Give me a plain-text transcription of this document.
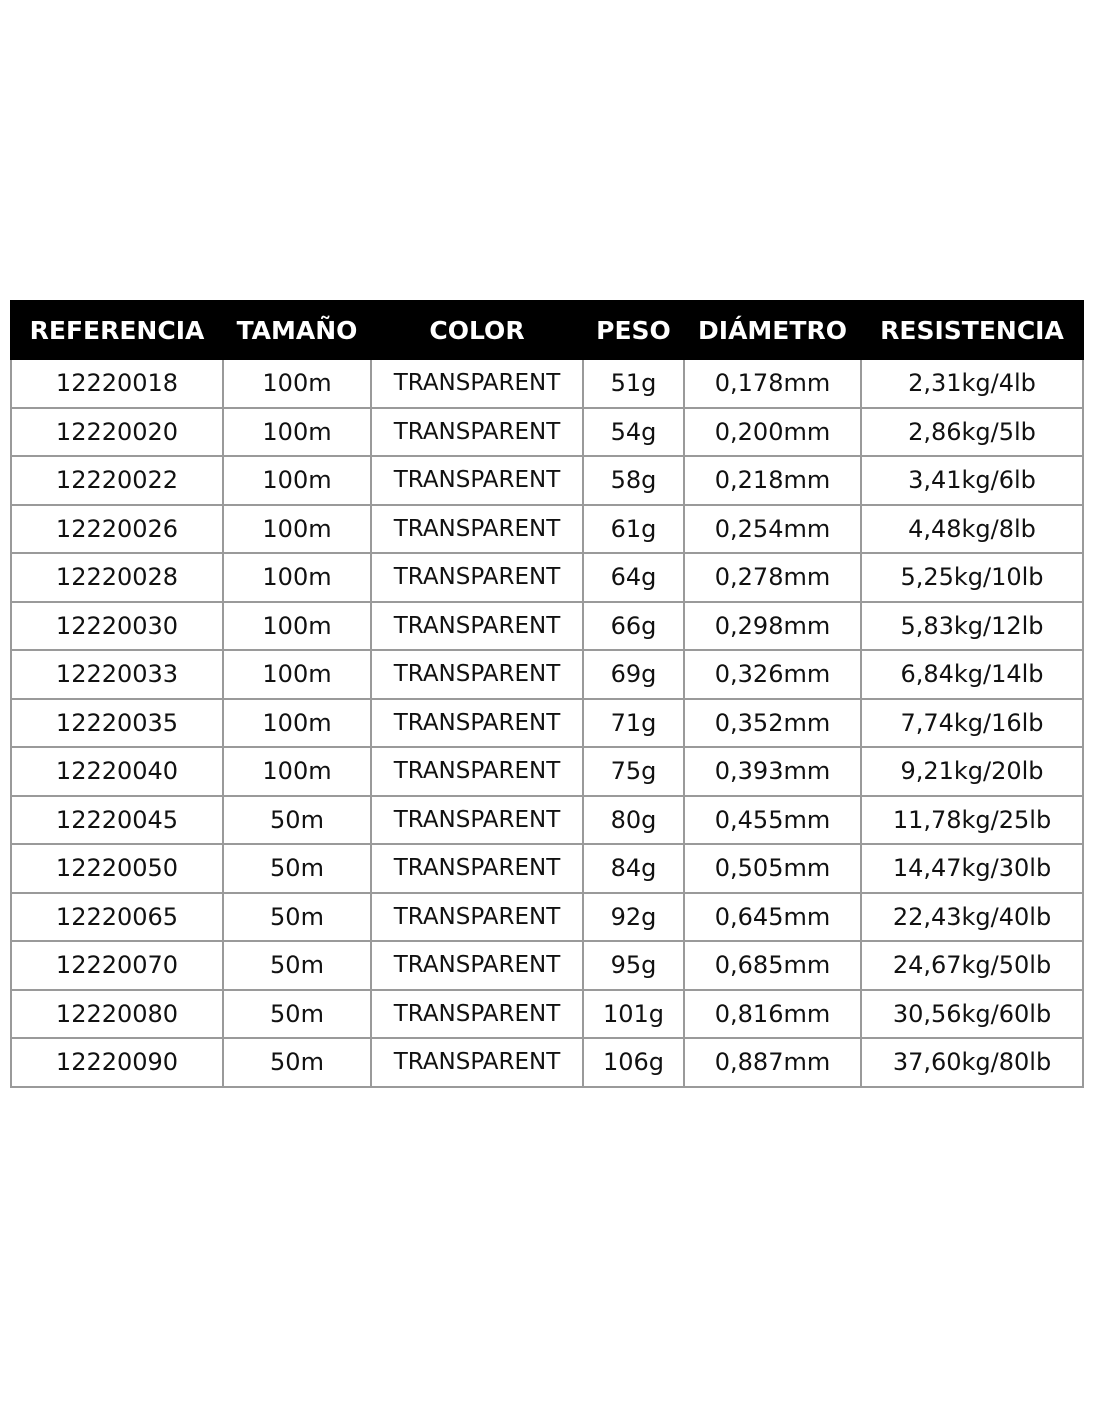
REFERENCIA	TAMAÑO	COLOR	PESO	DIÁMETRO	RESISTENCIA
12220018	100m	TRANSPARENT	51g	0,178mm	2,31kg/4lb
12220020	100m	TRANSPARENT	54g	0,200mm	2,86kg/5lb
12220022	100m	TRANSPARENT	58g	0,218mm	3,41kg/6lb
12220026	100m	TRANSPARENT	61g	0,254mm	4,48kg/8lb
12220028	100m	TRANSPARENT	64g	0,278mm	5,25kg/10lb
12220030	100m	TRANSPARENT	66g	0,298mm	5,83kg/12lb
12220033	100m	TRANSPARENT	69g	0,326mm	6,84kg/14lb
12220035	100m	TRANSPARENT	71g	0,352mm	7,74kg/16lb
12220040	100m	TRANSPARENT	75g	0,393mm	9,21kg/20lb
12220045	50m	TRANSPARENT	80g	0,455mm	11,78kg/25lb
12220050	50m	TRANSPARENT	84g	0,505mm	14,47kg/30lb
12220065	50m	TRANSPARENT	92g	0,645mm	22,43kg/40lb
12220070	50m	TRANSPARENT	95g	0,685mm	24,67kg/50lb
12220080	50m	TRANSPARENT	101g	0,816mm	30,56kg/60lb
12220090	50m	TRANSPARENT	106g	0,887mm	37,60kg/80lb
